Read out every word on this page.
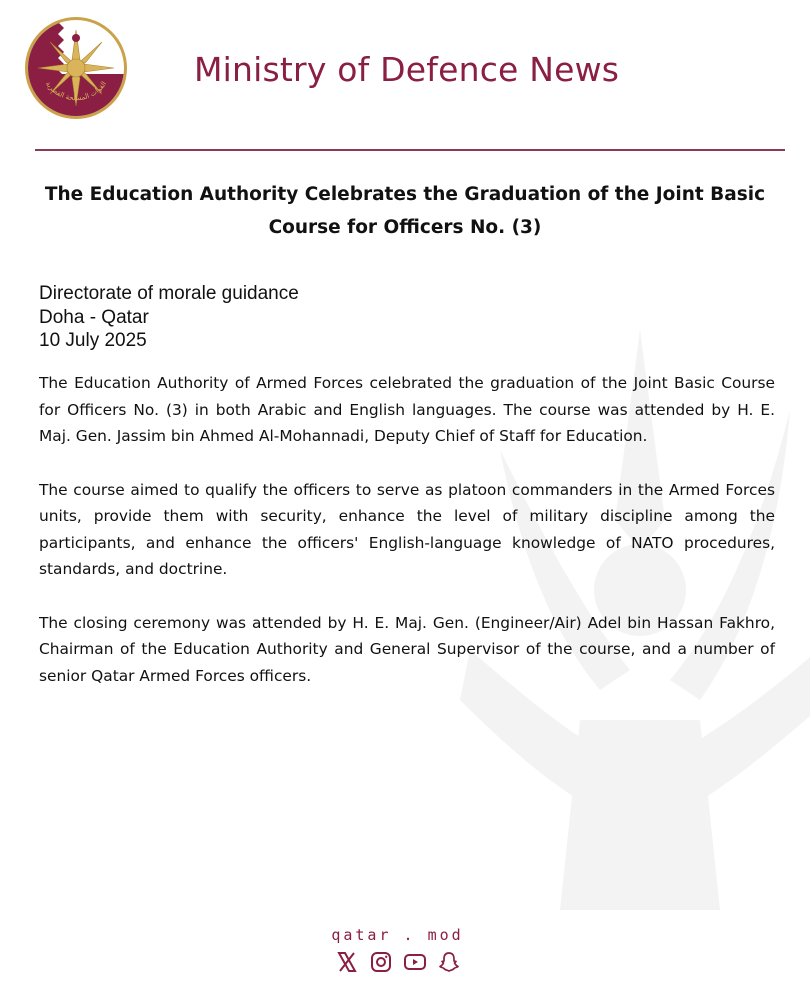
القوات المسلحة القطرية	Ministry of Defence News
The Education Authority Celebrates the Graduation of the Joint Basic Course for Officers No. (3)
Directorate of morale guidance
Doha - Qatar
10 July 2025

The Education Authority of Armed Forces celebrated the graduation of the Joint Basic Course for Officers No. (3) in both Arabic and English languages. The course was attended by H. E. Maj. Gen. Jassim bin Ahmed Al-Mohannadi, Deputy Chief of Staff for Education.

The course aimed to qualify the officers to serve as platoon commanders in the Armed Forces units, provide them with security, enhance the level of military discipline among the participants, and enhance the officers' English-language knowledge of NATO procedures, standards, and doctrine.

The closing ceremony was attended by H. E. Maj. Gen. (Engineer/Air) Adel bin Hassan Fakhro, Chairman of the Education Authority and General Supervisor of the course, and a number of senior Qatar Armed Forces officers.

qatar . mod
